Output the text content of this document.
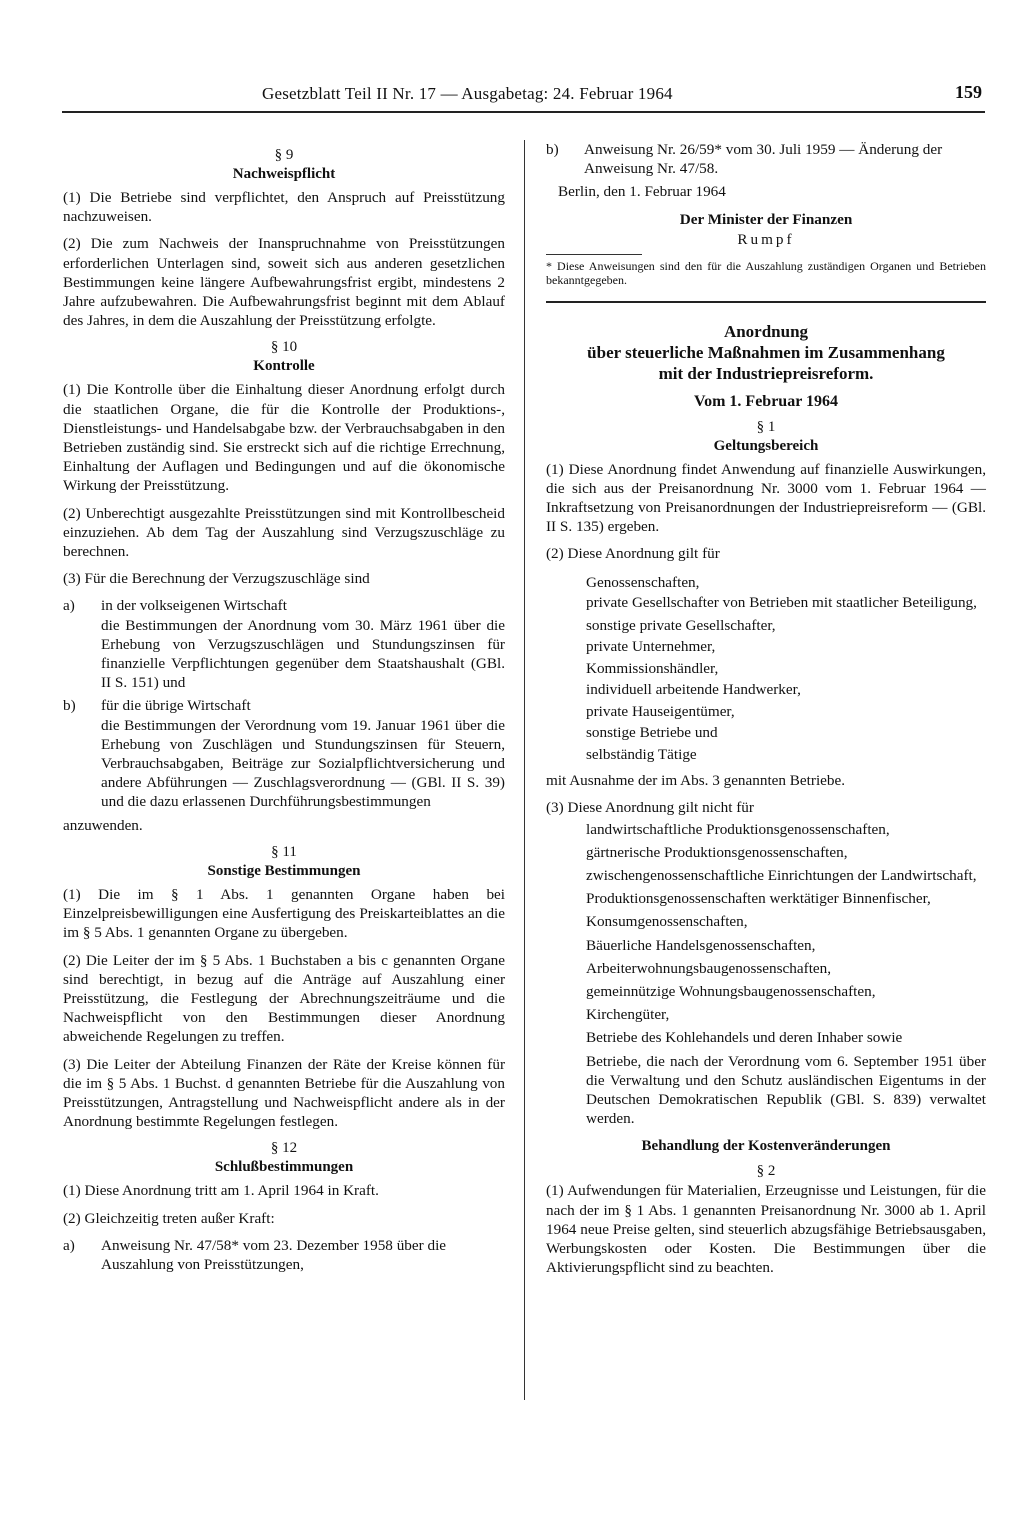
Gesetzblatt Teil II Nr. 17 — Ausgabetag: 24. Februar 1964	159
§ 9
Nachweispflicht

(1) Die Betriebe sind verpflichtet, den Anspruch auf Preisstützung nachzuweisen.

(2) Die zum Nachweis der Inanspruchnahme von Preisstützungen erforderlichen Unterlagen sind, soweit sich aus anderen gesetzlichen Bestimmungen keine längere Aufbewahrungsfrist ergibt, mindestens 2 Jahre aufzubewahren. Die Aufbewahrungsfrist beginnt mit dem Ablauf des Jahres, in dem die Auszahlung der Preisstützung erfolgte.

§ 10
Kontrolle

(1) Die Kontrolle über die Einhaltung dieser Anordnung erfolgt durch die staatlichen Organe, die für die Kontrolle der Produktions-, Dienstleistungs- und Handelsabgabe bzw. der Verbrauchsabgaben in den Betrieben zuständig sind. Sie erstreckt sich auf die richtige Errechnung, Einhaltung der Auflagen und Bedingungen und auf die ökonomische Wirkung der Preisstützung.

(2) Unberechtigt ausgezahlte Preisstützungen sind mit Kontrollbescheid einzuziehen. Ab dem Tag der Auszahlung sind Verzugszuschläge zu berechnen.

(3) Für die Berechnung der Verzugszuschläge sind

a)	in der volkseigenen Wirtschaft
die Bestimmungen der Anordnung vom 30. März 1961 über die Erhebung von Verzugszuschlägen und Stundungszinsen für finanzielle Verpflichtungen gegenüber dem Staatshaushalt (GBl. II S. 151) und
b)	für die übrige Wirtschaft
die Bestimmungen der Verordnung vom 19. Januar 1961 über die Erhebung von Zuschlägen und Stundungszinsen für Steuern, Verbrauchsabgaben, Beiträge zur Sozialpflichtversicherung und andere Abführungen — Zuschlagsverordnung — (GBl. II S. 39) und die dazu erlassenen Durchführungsbestimmungen

anzuwenden.

§ 11
Sonstige Bestimmungen

(1) Die im § 1 Abs. 1 genannten Organe haben bei Einzelpreisbewilligungen eine Ausfertigung des Preiskarteiblattes an die im § 5 Abs. 1 genannten Organe zu übergeben.

(2) Die Leiter der im § 5 Abs. 1 Buchstaben a bis c genannten Organe sind berechtigt, in bezug auf die Anträge auf Auszahlung einer Preisstützung, die Festlegung der Abrechnungszeiträume und die Nachweispflicht von den Bestimmungen dieser Anordnung abweichende Regelungen zu treffen.

(3) Die Leiter der Abteilung Finanzen der Räte der Kreise können für die im § 5 Abs. 1 Buchst. d genannten Betriebe für die Auszahlung von Preisstützungen, Antragstellung und Nachweispflicht andere als in der Anordnung bestimmte Regelungen festlegen.

§ 12
Schlußbestimmungen

(1) Diese Anordnung tritt am 1. April 1964 in Kraft.

(2) Gleichzeitig treten außer Kraft:

a)	Anweisung Nr. 47/58* vom 23. Dezember 1958 über die Auszahlung von Preisstützungen,
b)	Anweisung Nr. 26/59* vom 30. Juli 1959 — Änderung der Anweisung Nr. 47/58.

Berlin, den 1. Februar 1964

Der Minister der Finanzen
Rumpf
* Diese Anweisungen sind den für die Auszahlung zuständigen Organen und Betrieben bekanntgegeben.
Anordnung
über steuerliche Maßnahmen im Zusammenhang
mit der Industriepreisreform.
Vom 1. Februar 1964
§ 1
Geltungsbereich

(1) Diese Anordnung findet Anwendung auf finanzielle Auswirkungen, die sich aus der Preisanordnung Nr. 3000 vom 1. Februar 1964 — Inkraftsetzung von Preisanordnungen der Industriepreisreform — (GBl. II S. 135) ergeben.

(2) Diese Anordnung gilt für

Genossenschaften,
private Gesellschafter von Betrieben mit staatlicher Beteiligung,
sonstige private Gesellschafter,
private Unternehmer,
Kommissionshändler,
individuell arbeitende Handwerker,
private Hauseigentümer,
sonstige Betriebe und
selbständig Tätige

mit Ausnahme der im Abs. 3 genannten Betriebe.

(3) Diese Anordnung gilt nicht für

landwirtschaftliche Produktionsgenossenschaften,
gärtnerische Produktionsgenossenschaften,
zwischengenossenschaftliche Einrichtungen der Landwirtschaft,
Produktionsgenossenschaften werktätiger Binnenfischer,
Konsumgenossenschaften,
Bäuerliche Handelsgenossenschaften,
Arbeiterwohnungsbaugenossenschaften,
gemeinnützige Wohnungsbaugenossenschaften,
Kirchengüter,
Betriebe des Kohlehandels und deren Inhaber sowie
Betriebe, die nach der Verordnung vom 6. September 1951 über die Verwaltung und den Schutz ausländischen Eigentums in der Deutschen Demokratischen Republik (GBl. S. 839) verwaltet werden.
Behandlung der Kostenveränderungen
§ 2

(1) Aufwendungen für Materialien, Erzeugnisse und Leistungen, für die nach der im § 1 Abs. 1 genannten Preisanordnung Nr. 3000 ab 1. April 1964 neue Preise gelten, sind steuerlich abzugsfähige Betriebsausgaben, Werbungskosten oder Kosten. Die Bestimmungen über die Aktivierungspflicht sind zu beachten.
